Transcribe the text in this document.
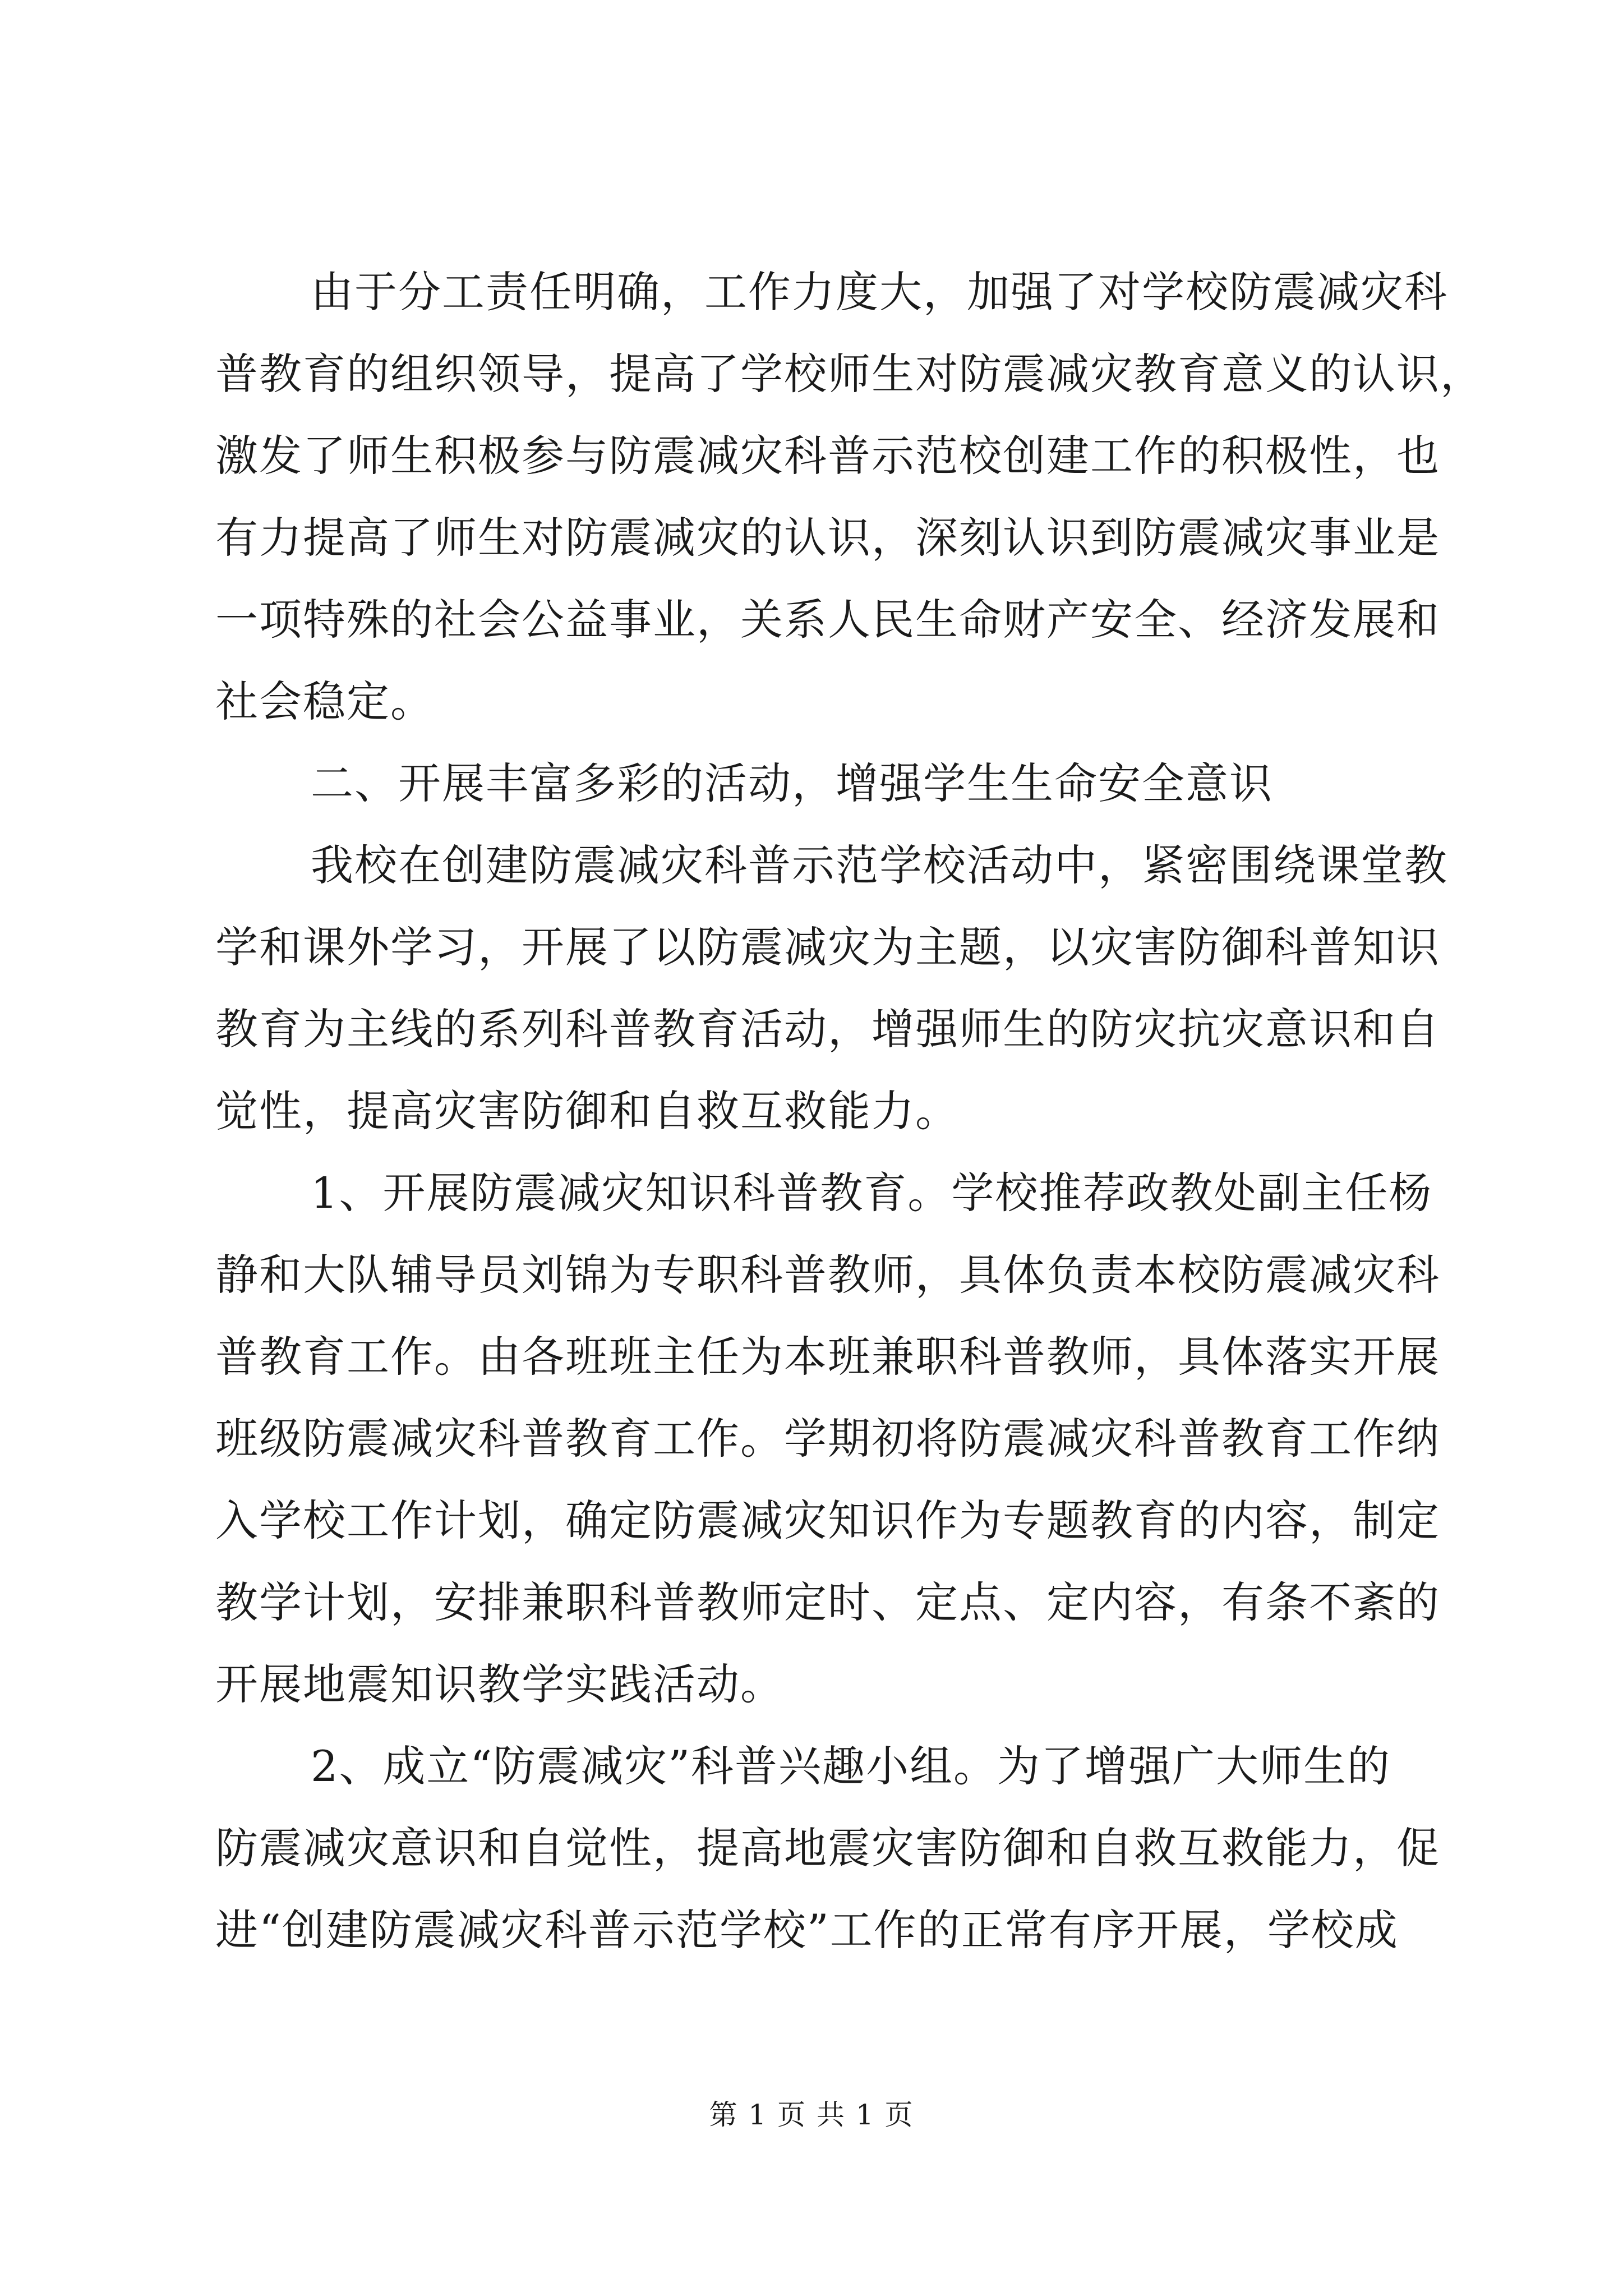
由于分工责任明确，工作力度大，加强了对学校防震减灾科
普教育的组织领导，提高了学校师生对防震减灾教育意义的认识，
激发了师生积极参与防震减灾科普示范校创建工作的积极性，也
有力提高了师生对防震减灾的认识，深刻认识到防震减灾事业是
一项特殊的社会公益事业，关系人民生命财产安全、经济发展和
社会稳定。
二、开展丰富多彩的活动，增强学生生命安全意识
我校在创建防震减灾科普示范学校活动中，紧密围绕课堂教
学和课外学习，开展了以防震减灾为主题，以灾害防御科普知识
教育为主线的系列科普教育活动，增强师生的防灾抗灾意识和自
觉性，提高灾害防御和自救互救能力。
1、开展防震减灾知识科普教育。学校推荐政教处副主任杨
静和大队辅导员刘锦为专职科普教师，具体负责本校防震减灾科
普教育工作。由各班班主任为本班兼职科普教师，具体落实开展
班级防震减灾科普教育工作。学期初将防震减灾科普教育工作纳
入学校工作计划，确定防震减灾知识作为专题教育的内容，制定
教学计划，安排兼职科普教师定时、定点、定内容，有条不紊的
开展地震知识教学实践活动。
2、成立“防震减灾”科普兴趣小组。为了增强广大师生的
防震减灾意识和自觉性，提高地震灾害防御和自救互救能力，促
进“创建防震减灾科普示范学校”工作的正常有序开展，学校成
第 1 页 共 1 页
